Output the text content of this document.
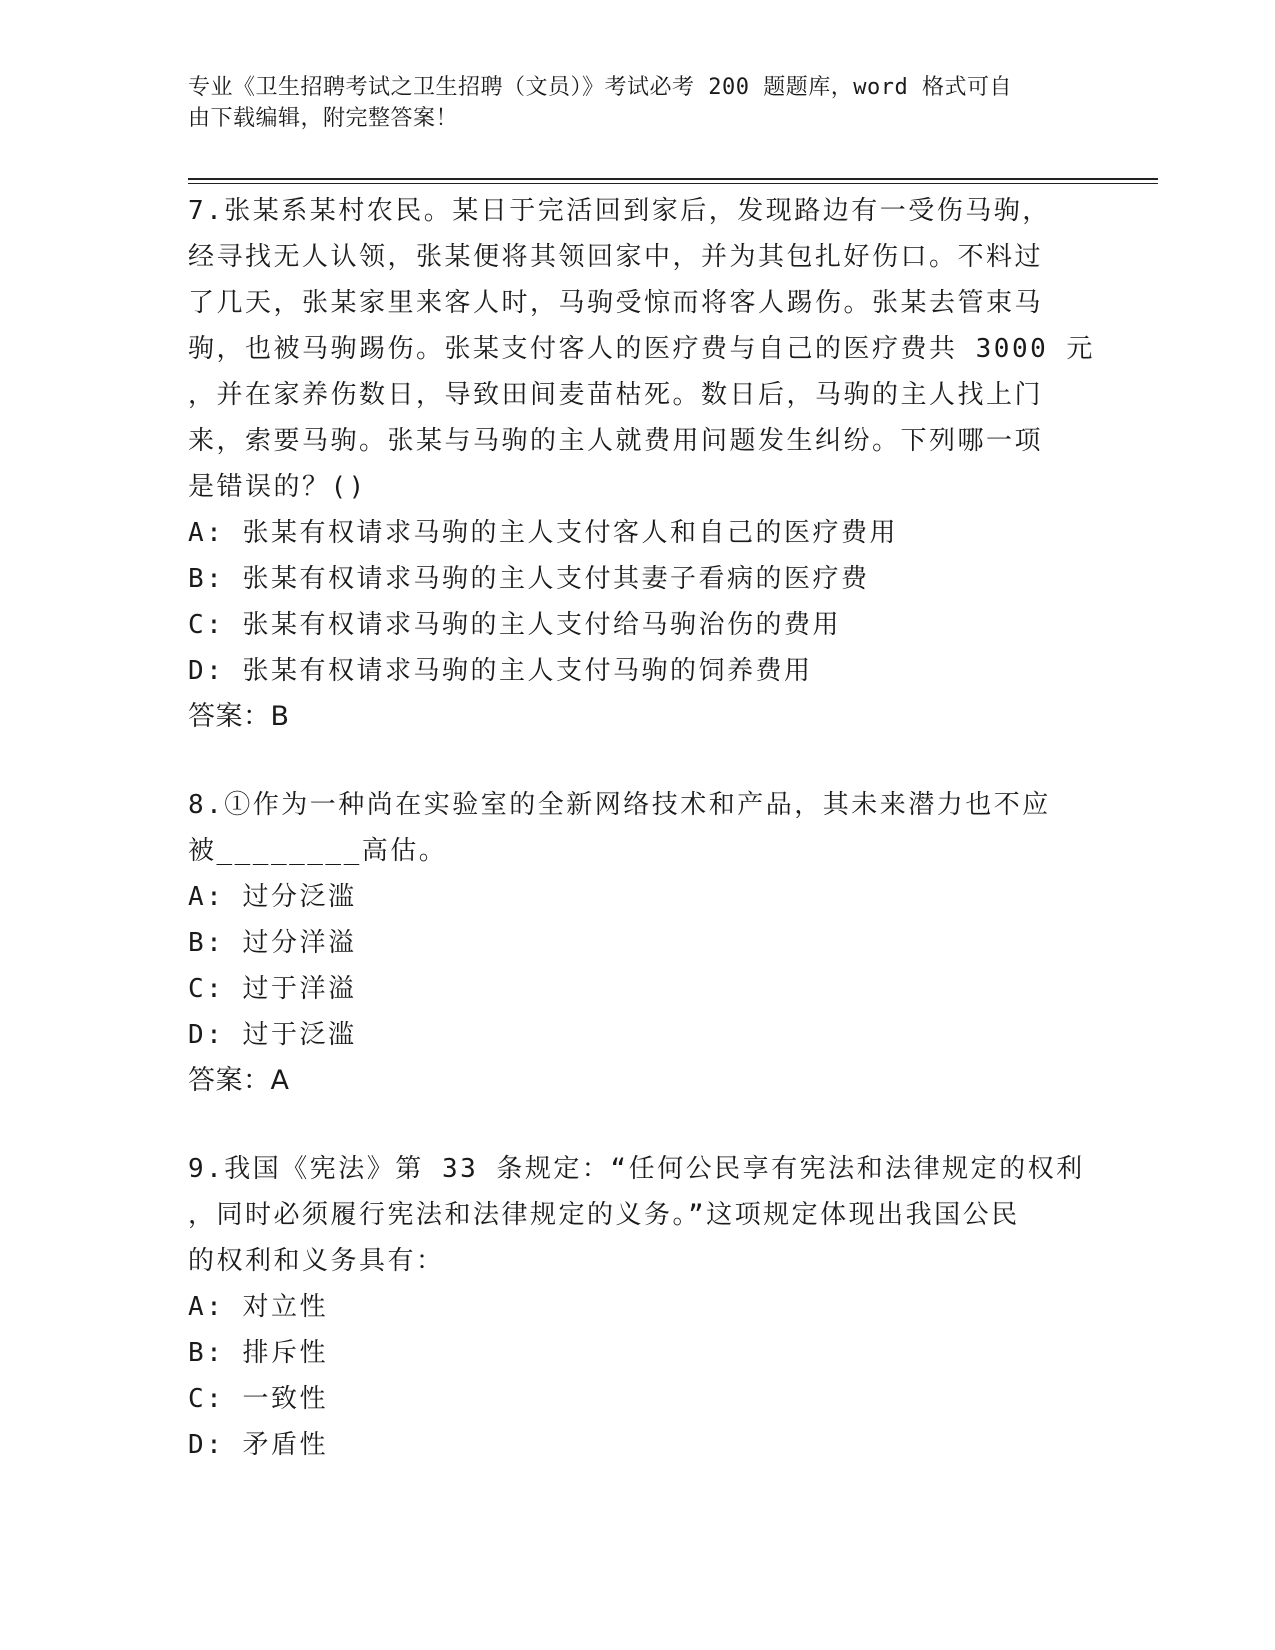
专业《卫生招聘考试之卫生招聘（文员）》考试必考 200 题题库，word 格式可自
由下载编辑，附完整答案！
7.张某系某村农民。某日于完活回到家后，发现路边有一受伤马驹，
经寻找无人认领，张某便将其领回家中，并为其包扎好伤口。不料过
了几天，张某家里来客人时，马驹受惊而将客人踢伤。张某去管束马
驹，也被马驹踢伤。张某支付客人的医疗费与自己的医疗费共 3000 元
，并在家养伤数日，导致田间麦苗枯死。数日后，马驹的主人找上门
来，索要马驹。张某与马驹的主人就费用问题发生纠纷。下列哪一项
是错误的？()
A: 张某有权请求马驹的主人支付客人和自己的医疗费用
B: 张某有权请求马驹的主人支付其妻子看病的医疗费
C: 张某有权请求马驹的主人支付给马驹治伤的费用
D: 张某有权请求马驹的主人支付马驹的饲养费用
答案：B
8.①作为一种尚在实验室的全新网络技术和产品，其未来潜力也不应
被________高估。
A: 过分泛滥
B: 过分洋溢
C: 过于洋溢
D: 过于泛滥
答案：A
9.我国《宪法》第 33 条规定：“任何公民享有宪法和法律规定的权利
，同时必须履行宪法和法律规定的义务。”这项规定体现出我国公民
的权利和义务具有：
A: 对立性
B: 排斥性
C: 一致性
D: 矛盾性
